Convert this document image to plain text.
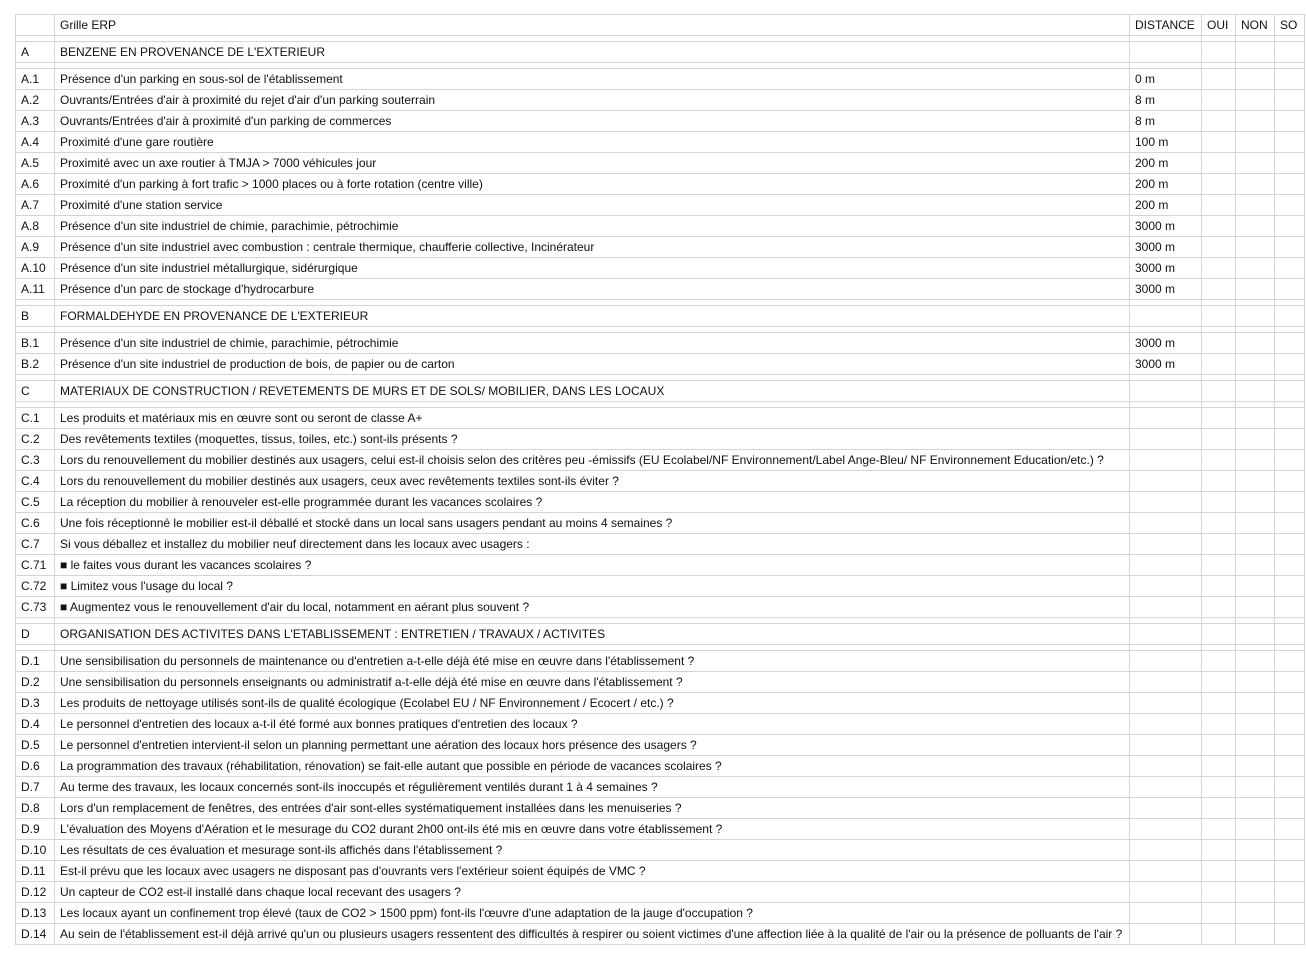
	Grille ERP	DISTANCE	OUI	NON	SO

A	BENZENE EN PROVENANCE DE L'EXTERIEUR				

A.1	Présence d'un parking en sous-sol de l'établissement	0 m			
A.2	Ouvrants/Entrées d'air à proximité du rejet d'air d'un parking souterrain	8 m			
A.3	Ouvrants/Entrées d'air à proximité d'un parking de commerces	8 m			
A.4	Proximité d'une gare routière	100 m			
A.5	Proximité avec un axe routier à TMJA > 7000 véhicules jour	200 m			
A.6	Proximité d'un parking à fort trafic > 1000 places ou à forte rotation (centre ville)	200 m			
A.7	Proximité d'une station service	200 m			
A.8	Présence d'un site industriel de chimie, parachimie, pétrochimie	3000 m			
A.9	Présence d'un site industriel avec combustion : centrale thermique, chaufferie collective, Incinérateur	3000 m			
A.10	Présence d'un site industriel métallurgique, sidérurgique	3000 m			
A.11	Présence d'un parc de stockage d'hydrocarbure	3000 m			

B	FORMALDEHYDE EN PROVENANCE DE L'EXTERIEUR				

B.1	Présence d'un site industriel de chimie, parachimie, pétrochimie	3000 m			
B.2	Présence d'un site industriel de production de bois, de papier ou de carton	3000 m			

C	MATERIAUX DE CONSTRUCTION / REVETEMENTS DE MURS ET DE SOLS/ MOBILIER, DANS LES LOCAUX				

C.1	Les produits et matériaux mis en œuvre sont ou seront de classe A+				
C.2	Des revêtements textiles (moquettes, tissus, toiles, etc.) sont-ils présents ?				
C.3	Lors du renouvellement du mobilier destinés aux usagers, celui est-il choisis selon des critères peu -émissifs (EU Ecolabel/NF Environnement/Label Ange-Bleu/ NF Environnement Education/etc.) ?				
C.4	Lors du renouvellement du mobilier destinés aux usagers, ceux avec revêtements textiles sont-ils éviter ?				
C.5	La réception du mobilier à renouveler est-elle programmée durant les vacances scolaires ?				
C.6	Une fois réceptionné le mobilier est-il déballé et stocké dans un local sans usagers pendant au moins 4 semaines ?				
C.7	Si vous déballez et installez du mobilier neuf directement dans les locaux avec usagers :				
C.71	■ le faites vous durant les vacances scolaires ?				
C.72	■ Limitez vous l'usage du local ?				
C.73	■ Augmentez vous le renouvellement d'air du local, notamment en aérant plus souvent ?				

D	ORGANISATION DES ACTIVITES DANS L'ETABLISSEMENT : ENTRETIEN / TRAVAUX / ACTIVITES				

D.1	Une sensibilisation du personnels de maintenance ou d'entretien a-t-elle déjà été mise en œuvre dans l'établissement ?				
D.2	Une sensibilisation du personnels enseignants ou administratif a-t-elle déjà été mise en œuvre dans l'établissement ?				
D.3	Les produits de nettoyage utilisés sont-ils de qualité écologique (Ecolabel EU / NF Environnement / Ecocert / etc.) ?				
D.4	Le personnel d'entretien des locaux a-t-il été formé aux bonnes pratiques d'entretien des locaux ?				
D.5	Le personnel d'entretien intervient-il selon un planning permettant une aération des locaux hors présence des usagers ?				
D.6	La programmation des travaux (réhabilitation, rénovation) se fait-elle autant que possible en période de vacances scolaires ?				
D.7	Au terme des travaux, les locaux concernés sont-ils inoccupés et régulièrement ventilés durant 1 à 4 semaines ?				
D.8	Lors d'un remplacement de fenêtres, des entrées d'air sont-elles systématiquement installées dans les menuiseries ?				
D.9	L'évaluation des Moyens d'Aération et le mesurage du CO2 durant 2h00 ont-ils été mis en œuvre dans votre établissement ?				
D.10	Les résultats de ces évaluation et mesurage sont-ils affichés dans l'établissement ?				
D.11	Est-il prévu que les locaux avec usagers ne disposant pas d'ouvrants vers l'extérieur soient équipés de VMC ?				
D.12	Un capteur de CO2 est-il installé dans chaque local recevant des usagers ?				
D.13	Les locaux ayant un confinement trop élevé (taux de CO2 > 1500 ppm) font-ils l'œuvre d'une adaptation de la jauge d'occupation ?				
D.14	Au sein de l'établissement est-il déjà arrivé qu'un ou plusieurs usagers ressentent des difficultés à respirer ou soient victimes d'une affection liée à la qualité de l'air ou la présence de polluants de l'air ?				
